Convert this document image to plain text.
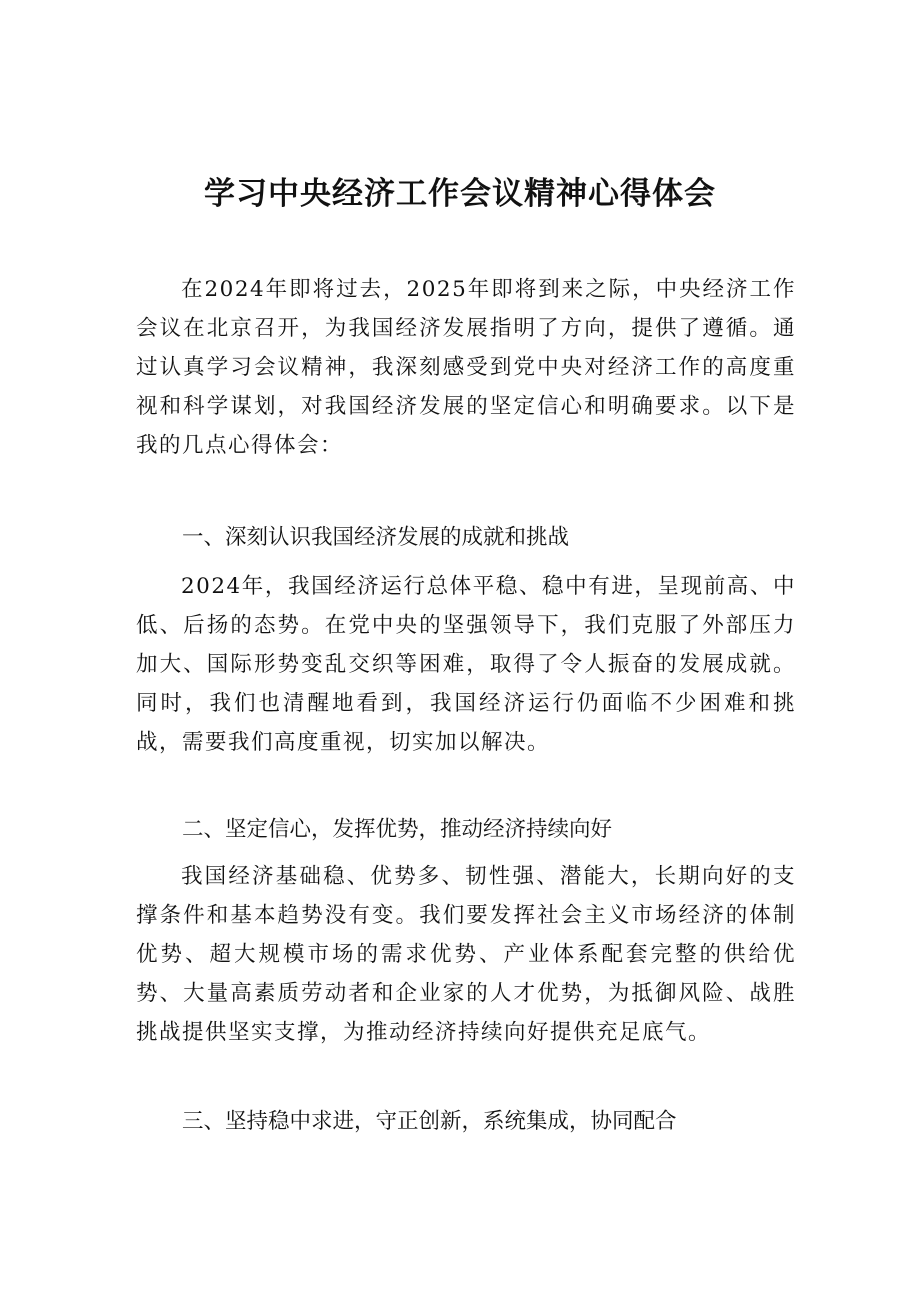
学习中央经济工作会议精神心得体会

在2024年即将过去，2025年即将到来之际，中央经济工作会议在北京召开，为我国经济发展指明了方向，提供了遵循。通过认真学习会议精神，我深刻感受到党中央对经济工作的高度重视和科学谋划，对我国经济发展的坚定信心和明确要求。以下是我的几点心得体会：

一、深刻认识我国经济发展的成就和挑战

2024年，我国经济运行总体平稳、稳中有进，呈现前高、中低、后扬的态势。在党中央的坚强领导下，我们克服了外部压力加大、国际形势变乱交织等困难，取得了令人振奋的发展成就。同时，我们也清醒地看到，我国经济运行仍面临不少困难和挑战，需要我们高度重视，切实加以解决。

二、坚定信心，发挥优势，推动经济持续向好

我国经济基础稳、优势多、韧性强、潜能大，长期向好的支撑条件和基本趋势没有变。我们要发挥社会主义市场经济的体制优势、超大规模市场的需求优势、产业体系配套完整的供给优势、大量高素质劳动者和企业家的人才优势，为抵御风险、战胜挑战提供坚实支撑，为推动经济持续向好提供充足底气。

三、坚持稳中求进，守正创新，系统集成，协同配合
